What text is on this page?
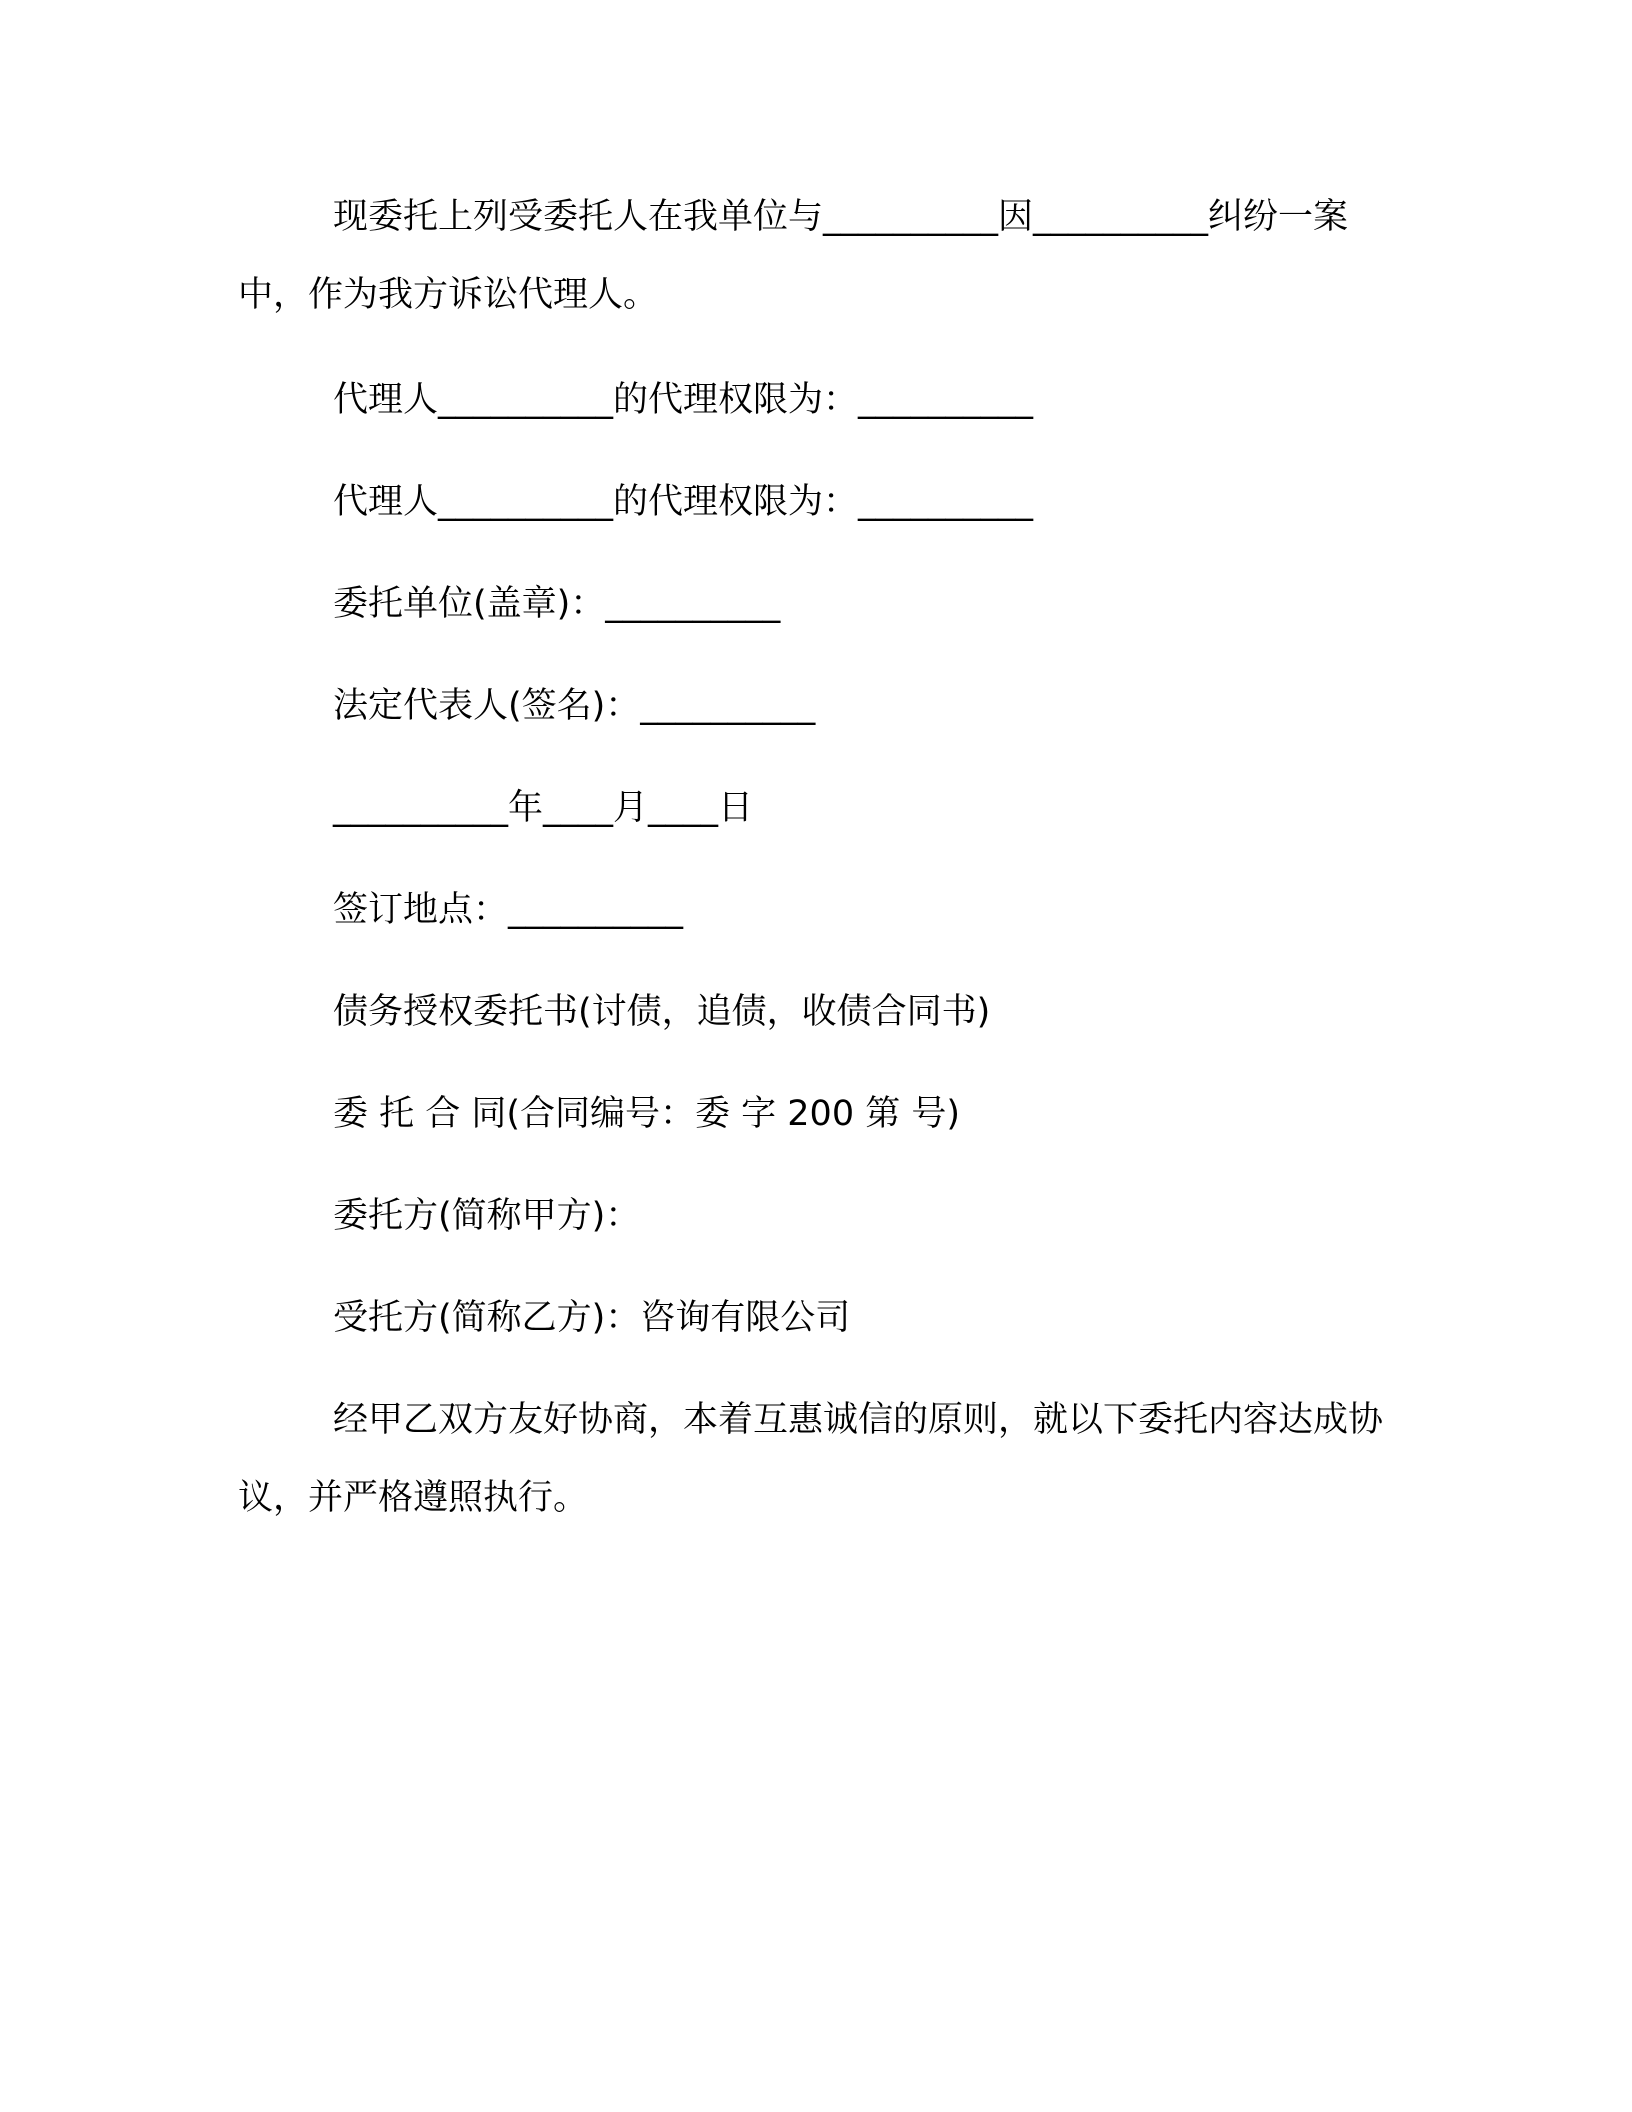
现委托上列受委托人在我单位与__________因__________纠纷一案中，作为我方诉讼代理人。
代理人__________的代理权限为：__________
代理人__________的代理权限为：__________
委托单位(盖章)：__________
法定代表人(签名)：__________
__________年____月____日
签订地点：__________
债务授权委托书(讨债，追债，收债合同书)
委 托 合 同(合同编号：委 字 200 第 号)
委托方(简称甲方)：
受托方(简称乙方)：咨询有限公司
经甲乙双方友好协商，本着互惠诚信的原则，就以下委托内容达成协议，并严格遵照执行。
